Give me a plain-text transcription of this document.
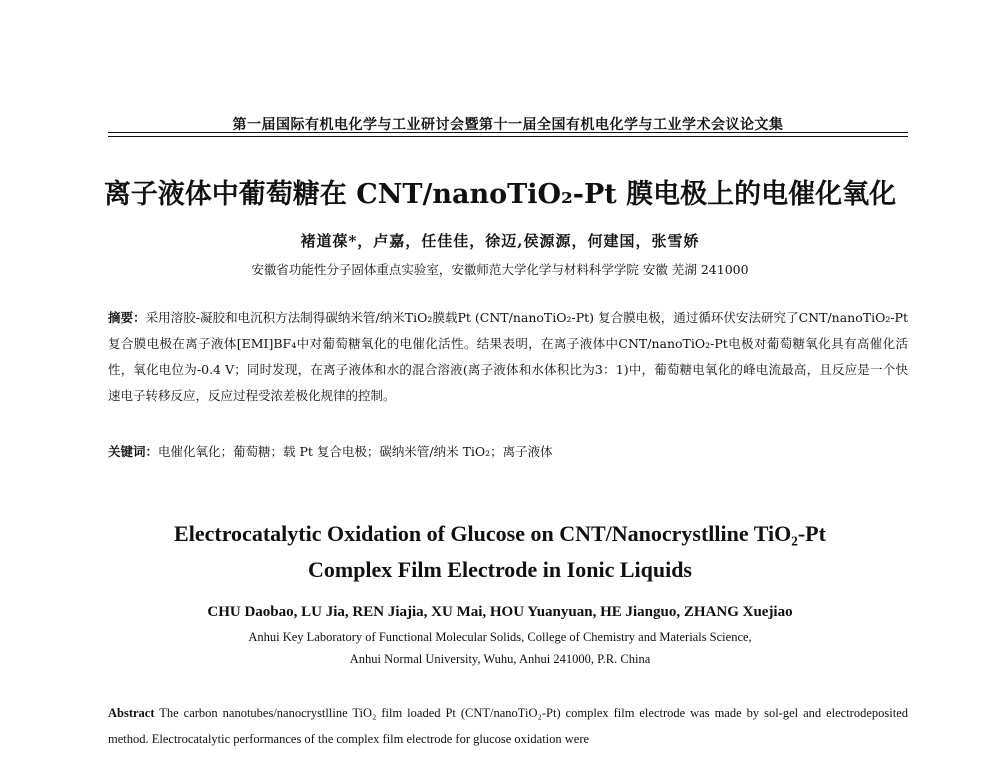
第一届国际有机电化学与工业研讨会暨第十一届全国有机电化学与工业学术会议论文集
离子液体中葡萄糖在 CNT/nanoTiO₂-Pt 膜电极上的电催化氧化
褚道葆*，卢嘉，任佳佳，徐迈,侯源源，何建国，张雪娇
安徽省功能性分子固体重点实验室，安徽师范大学化学与材料科学学院 安徽 芜湖 241000
摘要：采用溶胶-凝胶和电沉积方法制得碳纳米管/纳米TiO₂膜载Pt (CNT/nanoTiO₂-Pt) 复合膜电极，通过循环伏安法研究了CNT/nanoTiO₂-Pt复合膜电极在离子液体[EMI]BF₄中对葡萄糖氧化的电催化活性。结果表明，在离子液体中CNT/nanoTiO₂-Pt电极对葡萄糖氧化具有高催化活性，氧化电位为-0.4 V；同时发现，在离子液体和水的混合溶液(离子液体和水体积比为3：1)中，葡萄糖电氧化的峰电流最高，且反应是一个快速电子转移反应，反应过程受浓差极化规律的控制。
关键词：电催化氧化；葡萄糖；载 Pt 复合电极；碳纳米管/纳米 TiO₂；离子液体
Electrocatalytic Oxidation of Glucose on CNT/Nanocrystlline TiO₂-Pt
Complex Film Electrode in Ionic Liquids
CHU Daobao, LU Jia, REN Jiajia, XU Mai, HOU Yuanyuan, HE Jianguo, ZHANG Xuejiao
Anhui Key Laboratory of Functional Molecular Solids, College of Chemistry and Materials Science,
Anhui Normal University, Wuhu, Anhui 241000, P.R. China
Abstract The carbon nanotubes/nanocrystlline TiO₂ film loaded Pt (CNT/nanoTiO₂-Pt) complex film electrode was made by sol-gel and electrodeposited method. Electrocatalytic performances of the complex film electrode for glucose oxidation were
